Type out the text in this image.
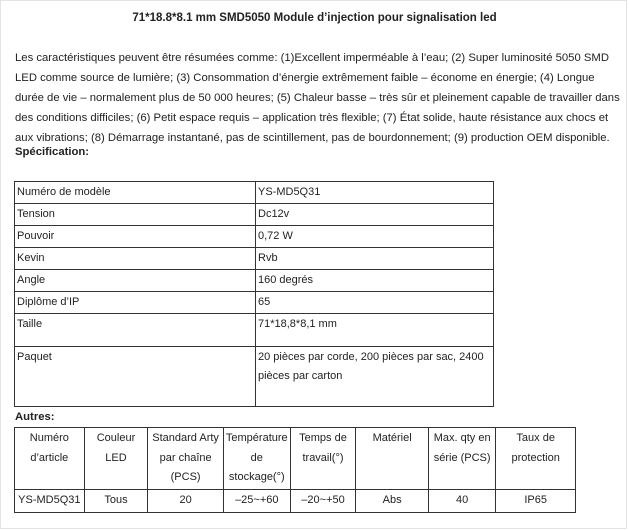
71*18.8*8.1 mm SMD5050 Module d’injection pour signalisation led
Les caractéristiques peuvent être résumées comme: (1)Excellent imperméable à l’eau; (2) Super luminosité 5050 SMD LED comme source de lumière; (3) Consommation d’énergie extrêmement faible – économe en énergie; (4) Longue durée de vie – normalement plus de 50 000 heures; (5) Chaleur basse – très sûr et pleinement capable de travailler dans des conditions difficiles; (6) Petit espace requis – application très flexible; (7) État solide, haute résistance aux chocs et aux vibrations; (8) Démarrage instantané, pas de scintillement, pas de bourdonnement; (9) production OEM disponible.
Spécification:
Numéro de modèle	YS-MD5Q31
Tension	Dc12v
Pouvoir	0,72 W
Kevin	Rvb
Angle	160 degrés
Diplôme d’IP	65
Taille	71*18,8*8,1 mm
Paquet	20 pièces par corde, 200 pièces par sac, 2400 pièces par carton
Autres:
Numéro d’article	Couleur LED	Standard Arty par chaîne (PCS)	Température de stockage(°)	Temps de travail(°)	Matériel	Max. qty en série (PCS)	Taux de protection
YS-MD5Q31	Tous	20	–25~+60	–20~+50	Abs	40	IP65
